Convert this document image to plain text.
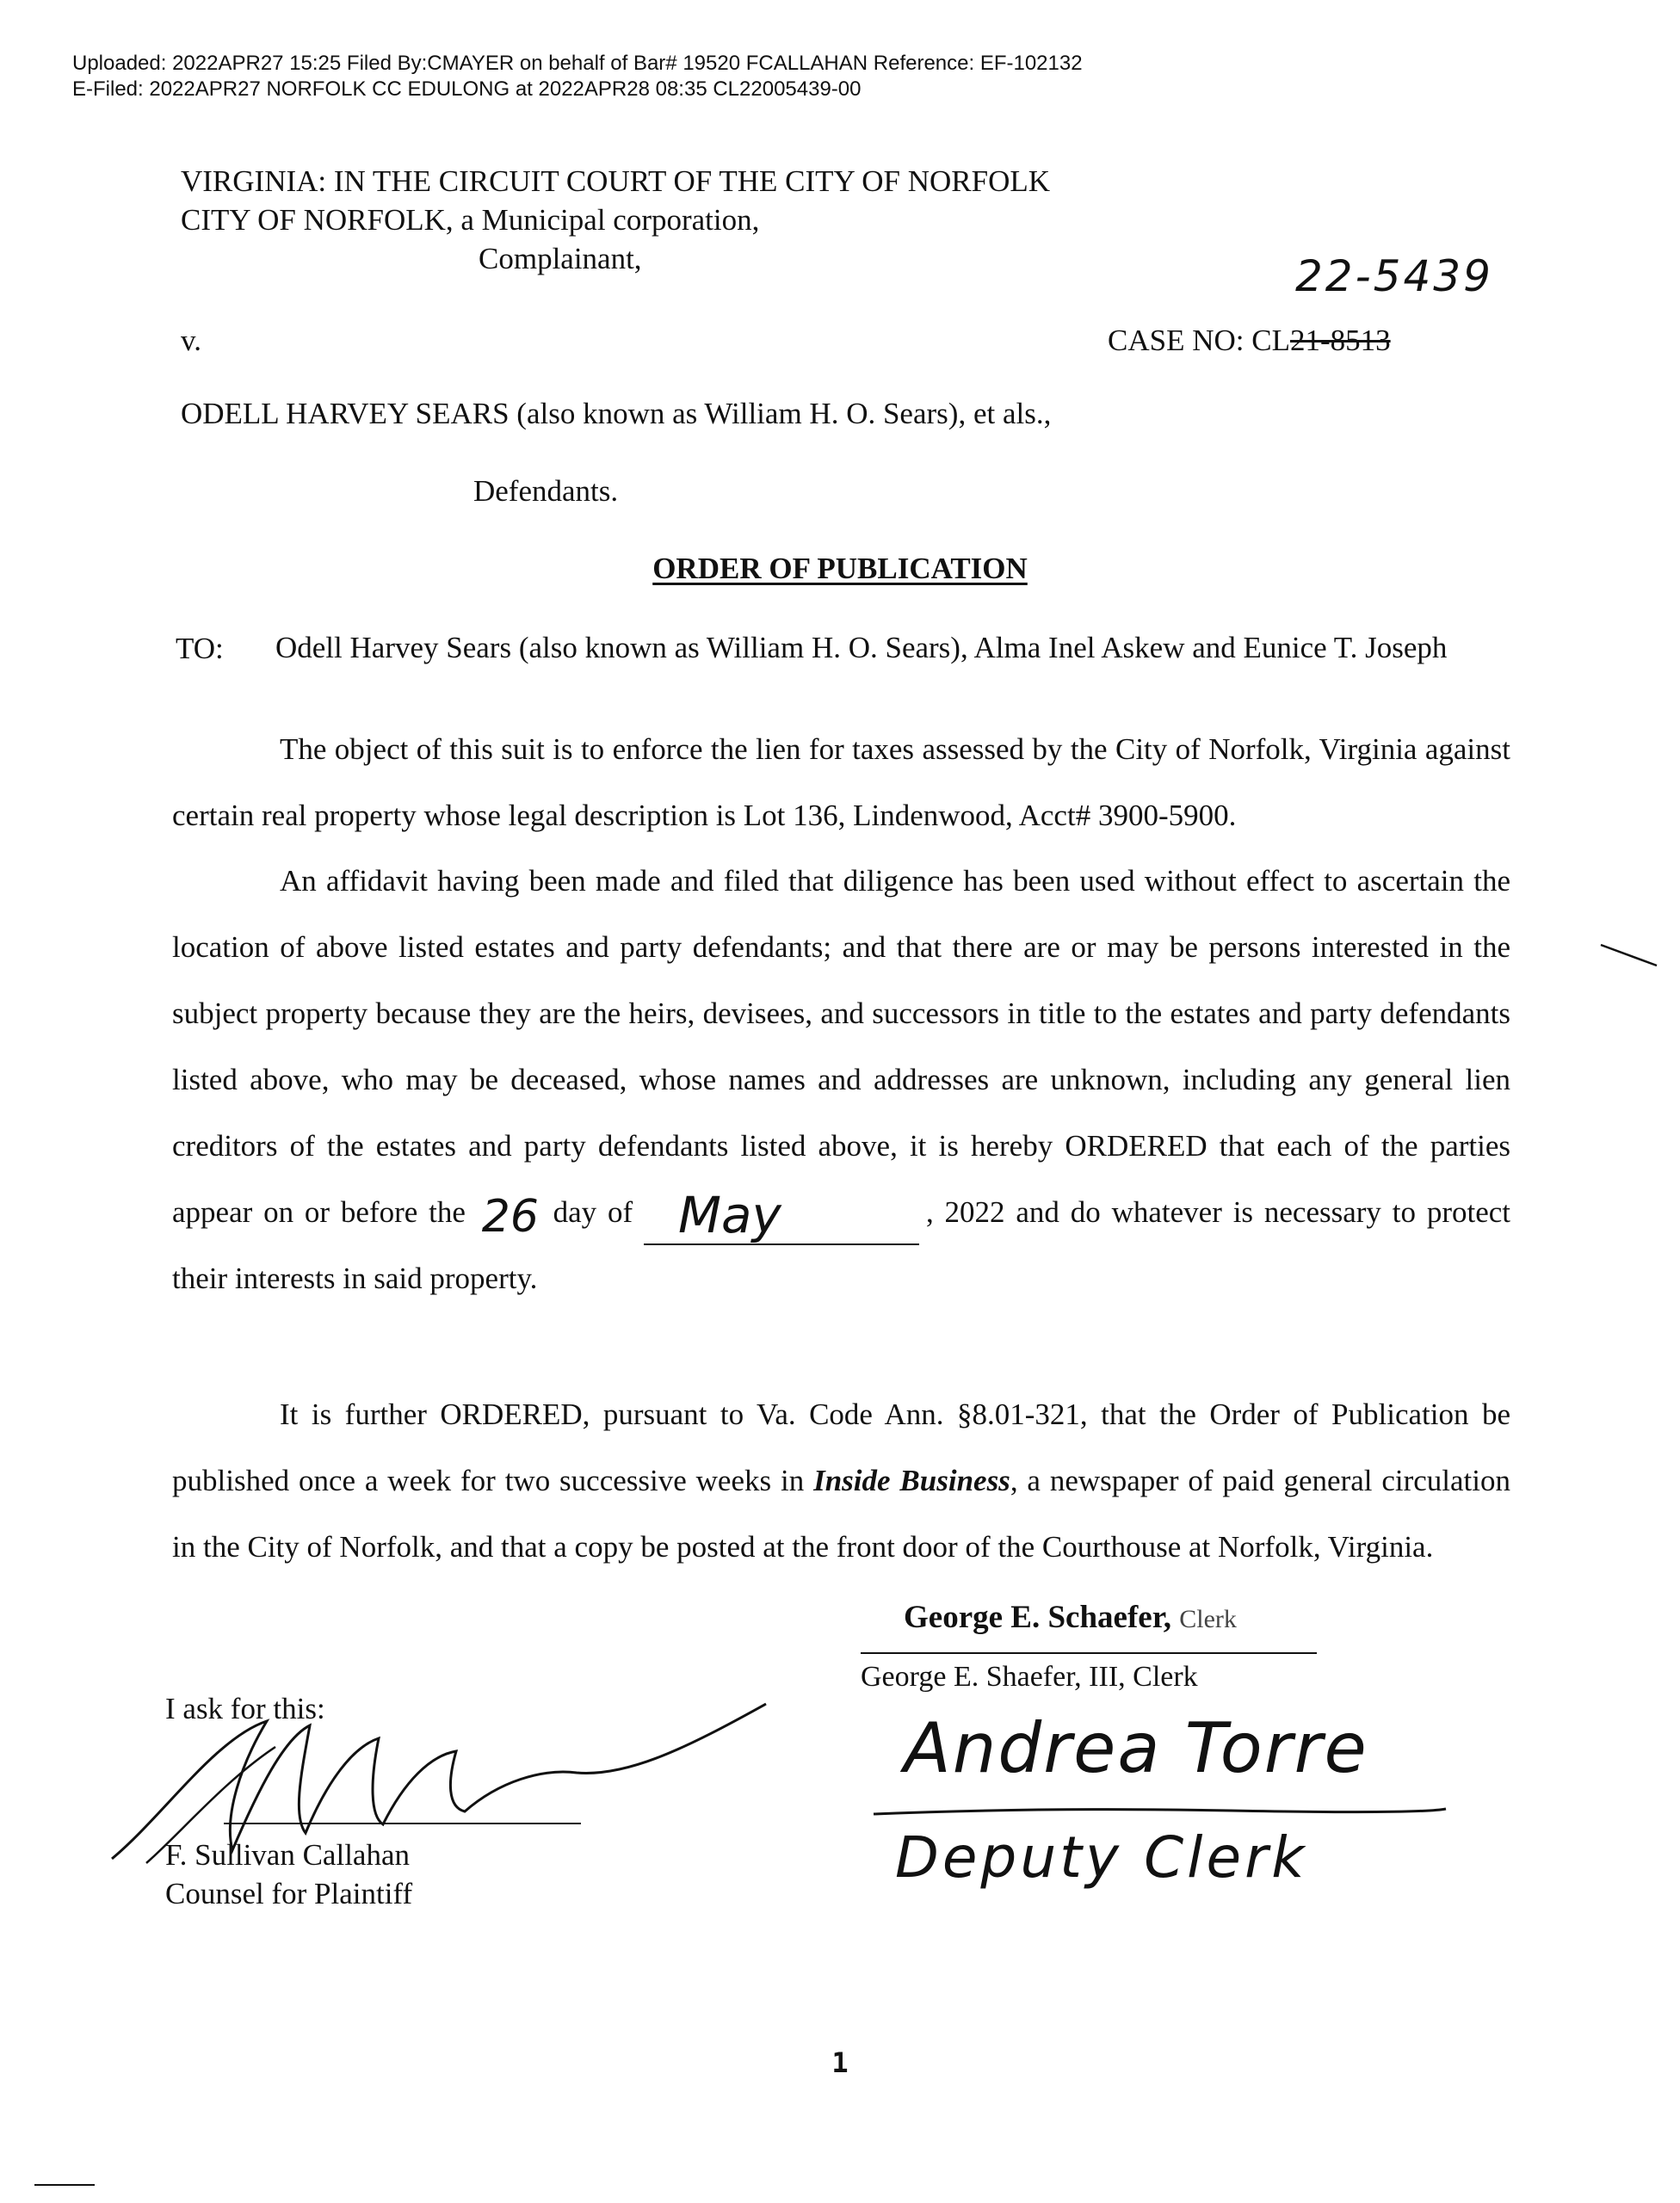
Uploaded: 2022APR27 15:25 Filed By:CMAYER on behalf of Bar# 19520 FCALLAHAN Reference: EF-102132
E-Filed: 2022APR27 NORFOLK CC EDULONG at 2022APR28 08:35 CL22005439-00
VIRGINIA: IN THE CIRCUIT COURT OF THE CITY OF NORFOLK
CITY OF NORFOLK, a Municipal corporation,
Complainant,	22-5439
v.	CASE NO: CL21-8513
ODELL HARVEY SEARS (also known as William H. O. Sears), et als.,
Defendants.
ORDER OF PUBLICATION
TO: Odell Harvey Sears (also known as William H. O. Sears), Alma Inel Askew and Eunice T. Joseph
The object of this suit is to enforce the lien for taxes assessed by the City of Norfolk, Virginia against certain real property whose legal description is Lot 136, Lindenwood, Acct# 3900-5900.
An affidavit having been made and filed that diligence has been used without effect to ascertain the location of above listed estates and party defendants; and that there are or may be persons interested in the subject property because they are the heirs, devisees, and successors in title to the estates and party defendants listed above, who may be deceased, whose names and addresses are unknown, including any general lien creditors of the estates and party defendants listed above, it is hereby ORDERED that each of the parties appear on or before the 26 day of May	, 2022 and do whatever is necessary to protect their interests in said property.
It is further ORDERED, pursuant to Va. Code Ann. §8.01-321, that the Order of Publication be published once a week for two successive weeks in Inside Business, a newspaper of paid general circulation in the City of Norfolk, and that a copy be posted at the front door of the Courthouse at Norfolk, Virginia.
George E. Schaefer, Clerk
George E. Shaefer, III, Clerk
Andrea Torre
Deputy Clerk
I ask for this:
F. Sullivan Callahan
Counsel for Plaintiff
1
